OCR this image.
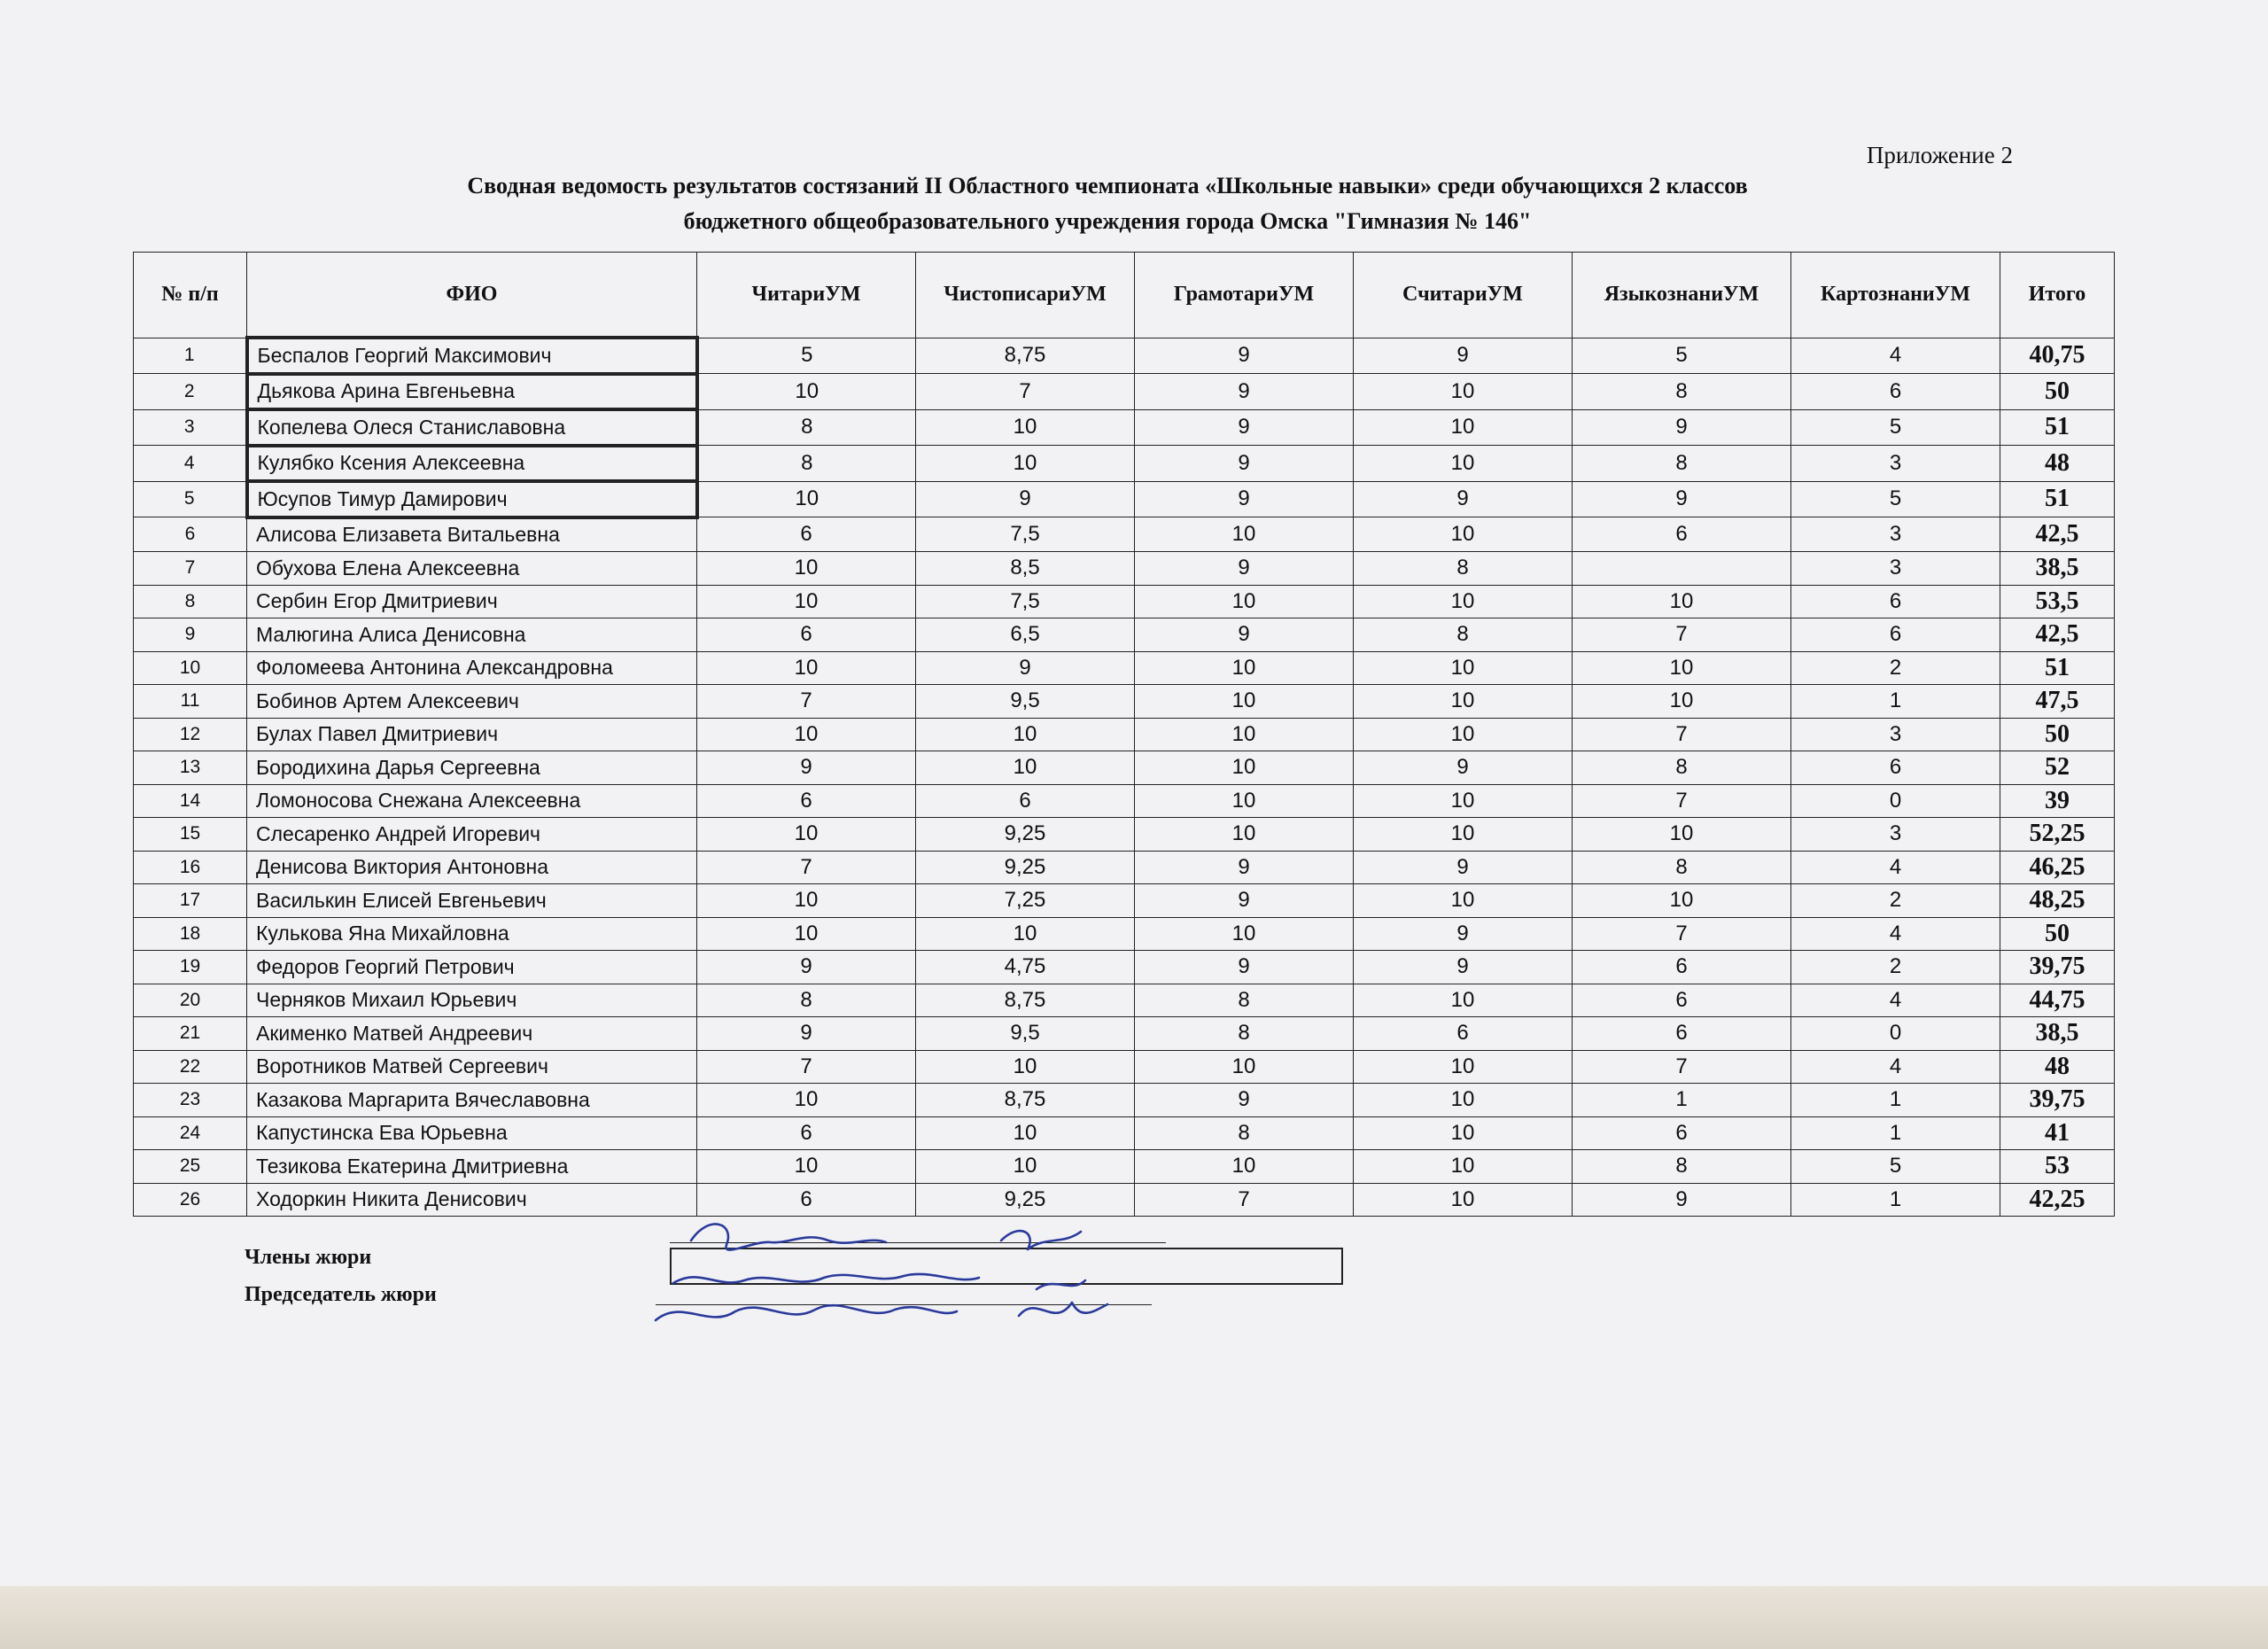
Приложение 2
Сводная ведомость результатов состязаний II Областного чемпионата «Школьные навыки» среди обучающихся 2 классов
бюджетного общеобразовательного учреждения города Омска "Гимназия № 146"
№ п/п	ФИО	ЧитариУМ	ЧистописариУМ	ГрамотариУМ	СчитариУМ	ЯзыкознаниУМ	КартознаниУМ	Итого
1	Беспалов Георгий Максимович	5	8,75	9	9	5	4	40,75
2	Дьякова Арина Евгеньевна	10	7	9	10	8	6	50
3	Копелева Олеся Станиславовна	8	10	9	10	9	5	51
4	Кулябко Ксения Алексеевна	8	10	9	10	8	3	48
5	Юсупов Тимур Дамирович	10	9	9	9	9	5	51
6	Алисова Елизавета Витальевна	6	7,5	10	10	6	3	42,5
7	Обухова Елена Алексеевна	10	8,5	9	8		3	38,5
8	Сербин Егор Дмитриевич	10	7,5	10	10	10	6	53,5
9	Малюгина Алиса Денисовна	6	6,5	9	8	7	6	42,5
10	Фоломеева Антонина Александровна	10	9	10	10	10	2	51
11	Бобинов Артем Алексеевич	7	9,5	10	10	10	1	47,5
12	Булах Павел Дмитриевич	10	10	10	10	7	3	50
13	Бородихина Дарья Сергеевна	9	10	10	9	8	6	52
14	Ломоносова Снежана Алексеевна	6	6	10	10	7	0	39
15	Слесаренко Андрей Игоревич	10	9,25	10	10	10	3	52,25
16	Денисова Виктория Антоновна	7	9,25	9	9	8	4	46,25
17	Василькин Елисей Евгеньевич	10	7,25	9	10	10	2	48,25
18	Кулькова Яна Михайловна	10	10	10	9	7	4	50
19	Федоров Георгий Петрович	9	4,75	9	9	6	2	39,75
20	Черняков Михаил Юрьевич	8	8,75	8	10	6	4	44,75
21	Акименко Матвей Андреевич	9	9,5	8	6	6	0	38,5
22	Воротников Матвей Сергеевич	7	10	10	10	7	4	48
23	Казакова Маргарита Вячеславовна	10	8,75	9	10	1	1	39,75
24	Капустинска Ева Юрьевна	6	10	8	10	6	1	41
25	Тезикова Екатерина Дмитриевна	10	10	10	10	8	5	53
26	Ходоркин Никита Денисович	6	9,25	7	10	9	1	42,25
Члены жюри
Председатель жюри
